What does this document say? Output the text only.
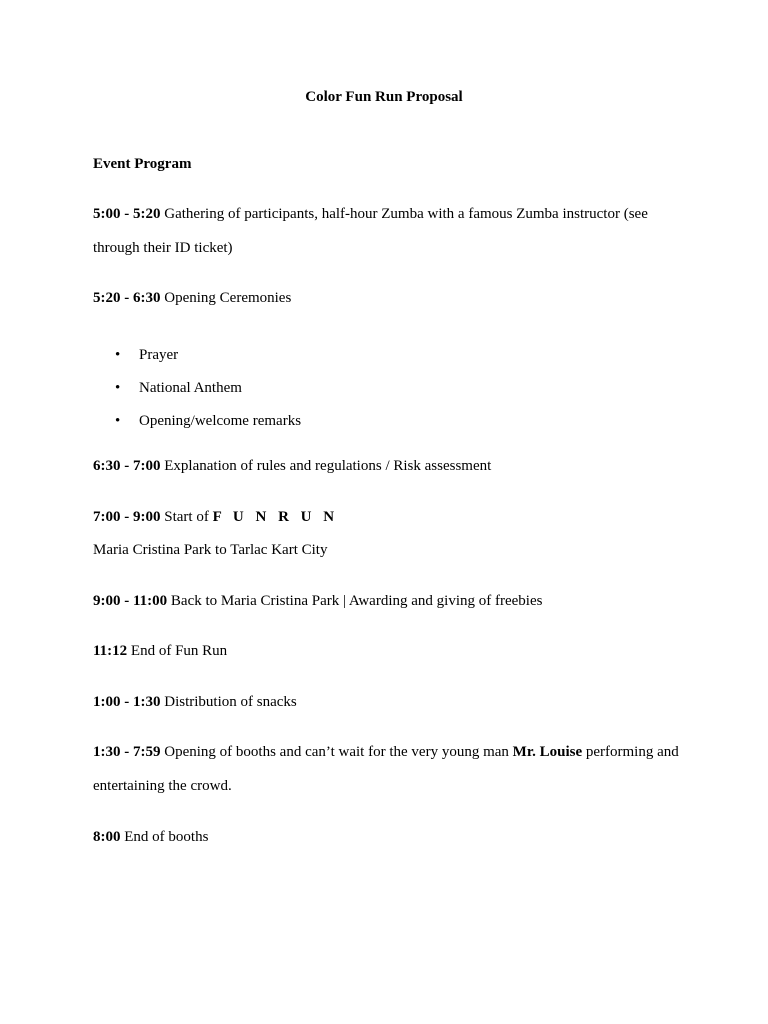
Color Fun Run Proposal
Event Program
5:00 - 5:20 Gathering of participants, half-hour Zumba with a famous Zumba instructor (see through their ID ticket)
5:20 - 6:30 Opening Ceremonies
• Prayer
• National Anthem
• Opening/welcome remarks
6:30 - 7:00 Explanation of rules and regulations / Risk assessment
7:00 - 9:00 Start of F U N R U N
Maria Cristina Park to Tarlac Kart City
9:00 - 11:00 Back to Maria Cristina Park | Awarding and giving of freebies
11:12 End of Fun Run
1:00 - 1:30 Distribution of snacks
1:30 - 7:59 Opening of booths and can’t wait for the very young man Mr. Louise performing and entertaining the crowd.
8:00 End of booths
